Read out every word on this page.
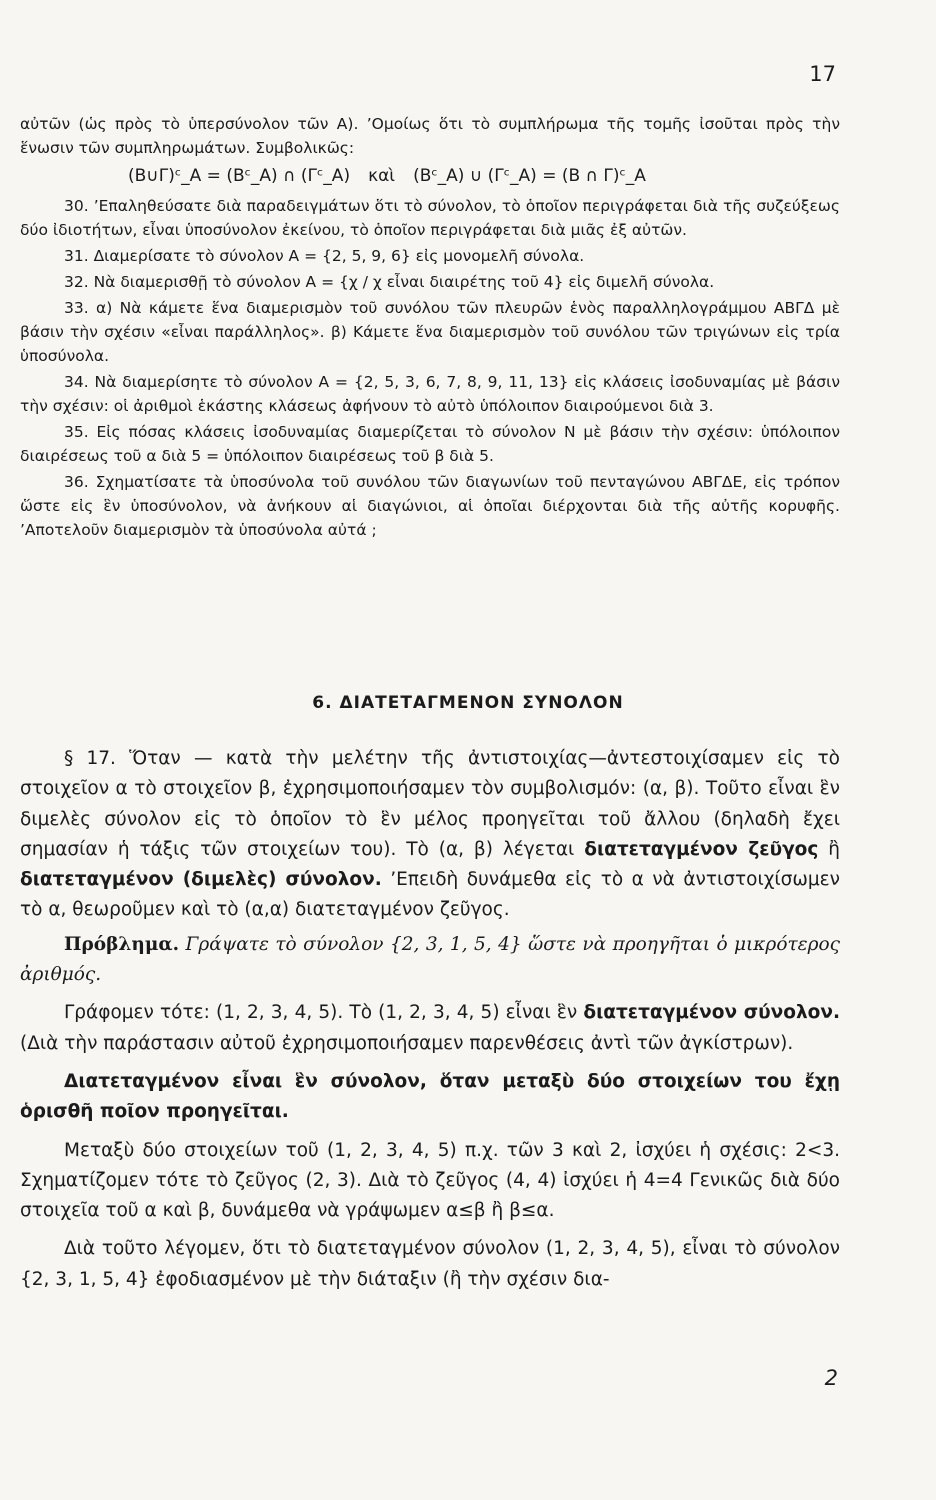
17

αὐτῶν (ὡς πρὸς τὸ ὑπερσύνολον τῶν Α). ’Ομοίως ὅτι τὸ συμπλήρωμα τῆς τομῆς ἰσοῦται πρὸς τὴν ἕνωσιν τῶν συμπληρωμάτων. Συμβολικῶς:

(Β∪Γ)ᶜ_A = (Βᶜ_A) ∩ (Γᶜ_A) καὶ (Βᶜ_A) ∪ (Γᶜ_A) = (Β ∩ Γ)ᶜ_A

30. ’Επαληθεύσατε διὰ παραδειγμάτων ὅτι τὸ σύνολον, τὸ ὁποῖον περιγράφεται διὰ τῆς συζεύξεως δύο ἰδιοτήτων, εἶναι ὑποσύνολον ἐκείνου, τὸ ὁποῖον περιγράφεται διὰ μιᾶς ἐξ αὐτῶν.

31. Διαμερίσατε τὸ σύνολον Α = {2, 5, 9, 6} εἰς μονομελῆ σύνολα.

32. Νὰ διαμερισθῇ τὸ σύνολον Α = {χ / χ εἶναι διαιρέτης τοῦ 4} εἰς διμελῆ σύνολα.

33. α) Νὰ κάμετε ἕνα διαμερισμὸν τοῦ συνόλου τῶν πλευρῶν ἑνὸς παραλληλογράμμου ΑΒΓΔ μὲ βάσιν τὴν σχέσιν «εἶναι παράλληλος». β) Κάμετε ἕνα διαμερισμὸν τοῦ συνόλου τῶν τριγώνων εἰς τρία ὑποσύνολα.

34. Νὰ διαμερίσητε τὸ σύνολον Α = {2, 5, 3, 6, 7, 8, 9, 11, 13} εἰς κλάσεις ἰσοδυναμίας μὲ βάσιν τὴν σχέσιν: οἱ ἀριθμοὶ ἑκάστης κλάσεως ἀφήνουν τὸ αὐτὸ ὑπόλοιπον διαιρούμενοι διὰ 3.

35. Εἰς πόσας κλάσεις ἰσοδυναμίας διαμερίζεται τὸ σύνολον Ν μὲ βάσιν τὴν σχέσιν: ὑπόλοιπον διαιρέσεως τοῦ α διὰ 5 = ὑπόλοιπον διαιρέσεως τοῦ β διὰ 5.

36. Σχηματίσατε τὰ ὑποσύνολα τοῦ συνόλου τῶν διαγωνίων τοῦ πενταγώνου ΑΒΓΔΕ, εἰς τρόπον ὥστε εἰς ἓν ὑποσύνολον, νὰ ἀνήκουν αἱ διαγώνιοι, αἱ ὁποῖαι διέρχονται διὰ τῆς αὐτῆς κορυφῆς. ’Αποτελοῦν διαμερισμὸν τὰ ὑποσύνολα αὐτά ;

6. ΔΙΑΤΕΤΑΓΜΕΝΟΝ ΣΥΝΟΛΟΝ

§ 17. Ὅταν — κατὰ τὴν μελέτην τῆς ἀντιστοιχίας—ἀντεστοιχίσαμεν εἰς τὸ στοιχεῖον α τὸ στοιχεῖον β, ἐχρησιμοποιήσαμεν τὸν συμβολισμόν: (α, β). Τοῦτο εἶναι ἓν διμελὲς σύνολον εἰς τὸ ὁποῖον τὸ ἓν μέλος προηγεῖται τοῦ ἄλλου (δηλαδὴ ἔχει σημασίαν ἡ τάξις τῶν στοιχείων του). Τὸ (α, β) λέγεται διατεταγμένον ζεῦγος ἢ διατεταγμένον (διμελὲς) σύνολον. ’Επειδὴ δυνάμεθα εἰς τὸ α νὰ ἀντιστοιχίσωμεν τὸ α, θεωροῦμεν καὶ τὸ (α,α) διατεταγμένον ζεῦγος.

Πρόβλημα. Γράψατε τὸ σύνολον {2, 3, 1, 5, 4} ὥστε νὰ προηγῆται ὁ μικρότερος ἀριθμός.

Γράφομεν τότε: (1, 2, 3, 4, 5). Τὸ (1, 2, 3, 4, 5) εἶναι ἓν διατεταγμένον σύνολον. (Διὰ τὴν παράστασιν αὐτοῦ ἐχρησιμοποιήσαμεν παρενθέσεις ἀντὶ τῶν ἀγκίστρων).

Διατεταγμένον εἶναι ἓν σύνολον, ὅταν μεταξὺ δύο στοιχείων του ἔχῃ ὁρισθῆ ποῖον προηγεῖται.

Μεταξὺ δύο στοιχείων τοῦ (1, 2, 3, 4, 5) π.χ. τῶν 3 καὶ 2, ἰσχύει ἡ σχέσις: 2<3. Σχηματίζομεν τότε τὸ ζεῦγος (2, 3). Διὰ τὸ ζεῦγος (4, 4) ἰσχύει ἡ 4=4 Γενικῶς διὰ δύο στοιχεῖα τοῦ α καὶ β, δυνάμεθα νὰ γράψωμεν α≤β ἢ β≤α.

Διὰ τοῦτο λέγομεν, ὅτι τὸ διατεταγμένον σύνολον (1, 2, 3, 4, 5), εἶναι τὸ σύνολον {2, 3, 1, 5, 4} ἐφοδιασμένον μὲ τὴν διάταξιν (ἢ τὴν σχέσιν δια-

2
